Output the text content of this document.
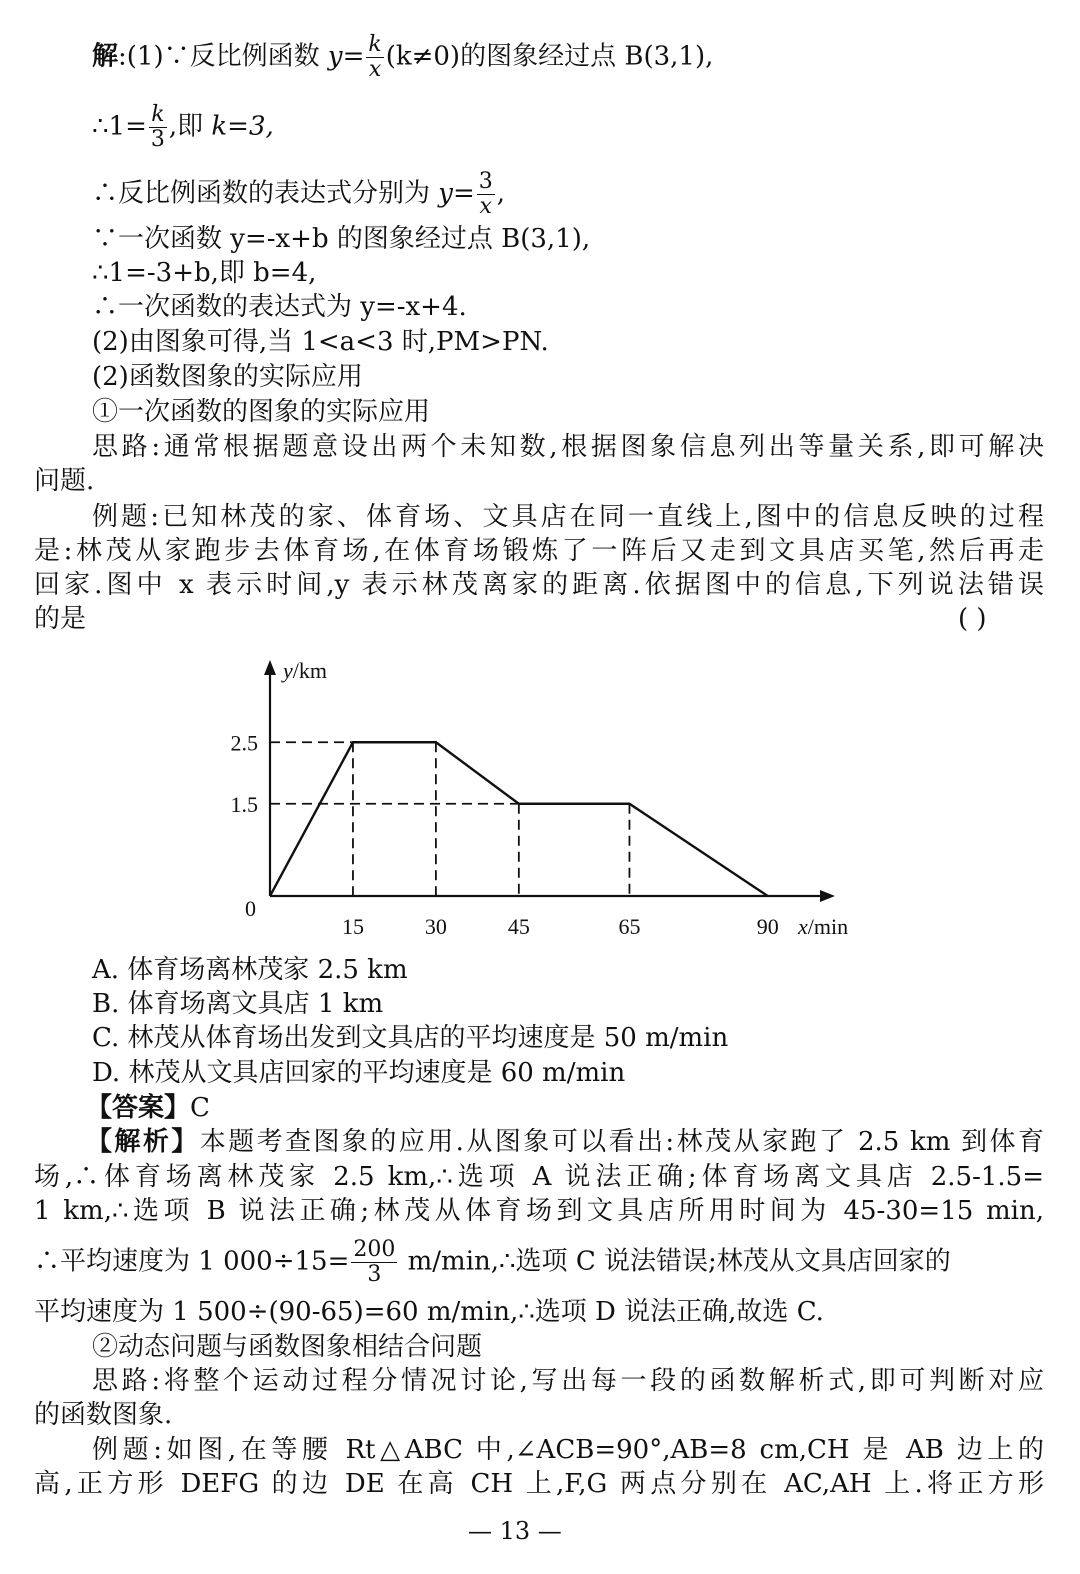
解:(1)∵反比例函数 $y= \frac{k}{x} (k\ne 0)$的图象经过点 B(3,1),
∴1= $\frac{k}{3}$ ,即 k=3,
∴反比例函数的表达式分别为 $y= \frac{3}{x}$ ,
∵一次函数 y=-x+b 的图象经过点 B(3,1),
∴1=-3+b,即 b=4,
∴一次函数的表达式为 y=-x+4.
(2)由图象可得,当 1<a<3 时,PM>PN.
(2)函数图象的实际应用
①一次函数的图象的实际应用
思路:通常根据题意设出两个未知数,根据图象信息列出等量关系,即可解决
问题.
例题:已知林茂的家、体育场、文具店在同一直线上,图中的信息反映的过程
是:林茂从家跑步去体育场,在体育场锻炼了一阵后又走到文具店买笔,然后再走
回家.图中 x 表示时间,y 表示林茂离家的距离.依据图中的信息,下列说法错误
的是	( )
15	30	45	65	90
2.5
1.5
0
x/min
y/km
A. 体育场离林茂家 2.5 km
B. 体育场离文具店 1 km
C. 林茂从体育场出发到文具店的平均速度是 50 m/min
D. 林茂从文具店回家的平均速度是 60 m/min
【答案】C
【解析】本题考查图象的应用.从图象可以看出:林茂从家跑了 2.5 km 到体育
场,∴体育场离林茂家 2.5 km,∴选项 A 说法正确;体育场离文具店 2.5-1.5=
1 km,∴选项 B 说法正确;林茂从体育场到文具店所用时间为 45-30=15 min,
∴平均速度为 1 $000\div 15= \frac{200}{3}$ m/min,∴选项 C 说法错误;林茂从文具店回家的
平均速度为 1 500÷(90-65)=60 m/min,∴选项 D 说法正确,故选 C.
②动态问题与函数图象相结合问题
思路:将整个运动过程分情况讨论,写出每一段的函数解析式,即可判断对应
的函数图象.
例题:如图,在等腰 Rt△ABC 中,∠ACB=90°,AB=8 cm,CH 是 AB 边上的
高,正方形 DEFG 的边 DE 在高 CH 上,F,G 两点分别在 AC,AH 上.将正方形
— 13 —
